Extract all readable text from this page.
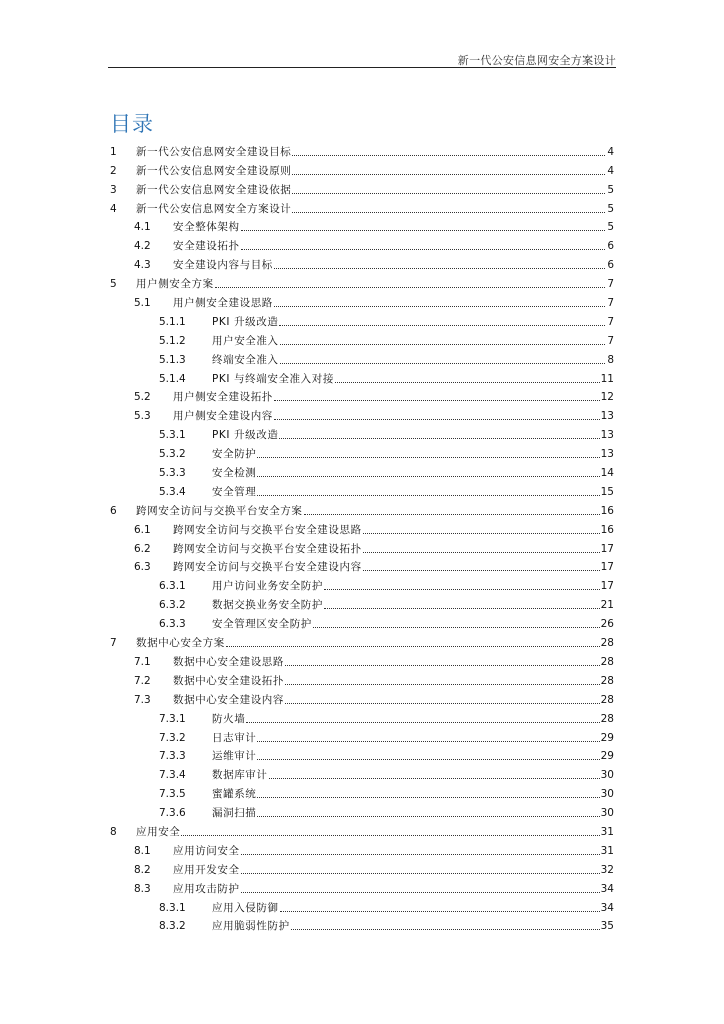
新一代公安信息网安全方案设计
目录
1	新一代公安信息网安全建设目标	4
2	新一代公安信息网安全建设原则	4
3	新一代公安信息网安全建设依据	5
4	新一代公安信息网安全方案设计	5
4.1	安全整体架构	5
4.2	安全建设拓扑	6
4.3	安全建设内容与目标	6
5	用户侧安全方案	7
5.1	用户侧安全建设思路	7
5.1.1	PKI 升级改造	7
5.1.2	用户安全准入	7
5.1.3	终端安全准入	8
5.1.4	PKI 与终端安全准入对接	11
5.2	用户侧安全建设拓扑	12
5.3	用户侧安全建设内容	13
5.3.1	PKI 升级改造	13
5.3.2	安全防护	13
5.3.3	安全检测	14
5.3.4	安全管理	15
6	跨网安全访问与交换平台安全方案	16
6.1	跨网安全访问与交换平台安全建设思路	16
6.2	跨网安全访问与交换平台安全建设拓扑	17
6.3	跨网安全访问与交换平台安全建设内容	17
6.3.1	用户访问业务安全防护	17
6.3.2	数据交换业务安全防护	21
6.3.3	安全管理区安全防护	26
7	数据中心安全方案	28
7.1	数据中心安全建设思路	28
7.2	数据中心安全建设拓扑	28
7.3	数据中心安全建设内容	28
7.3.1	防火墙	28
7.3.2	日志审计	29
7.3.3	运维审计	29
7.3.4	数据库审计	30
7.3.5	蜜罐系统	30
7.3.6	漏洞扫描	30
8	应用安全	31
8.1	应用访问安全	31
8.2	应用开发安全	32
8.3	应用攻击防护	34
8.3.1	应用入侵防御	34
8.3.2	应用脆弱性防护	35
